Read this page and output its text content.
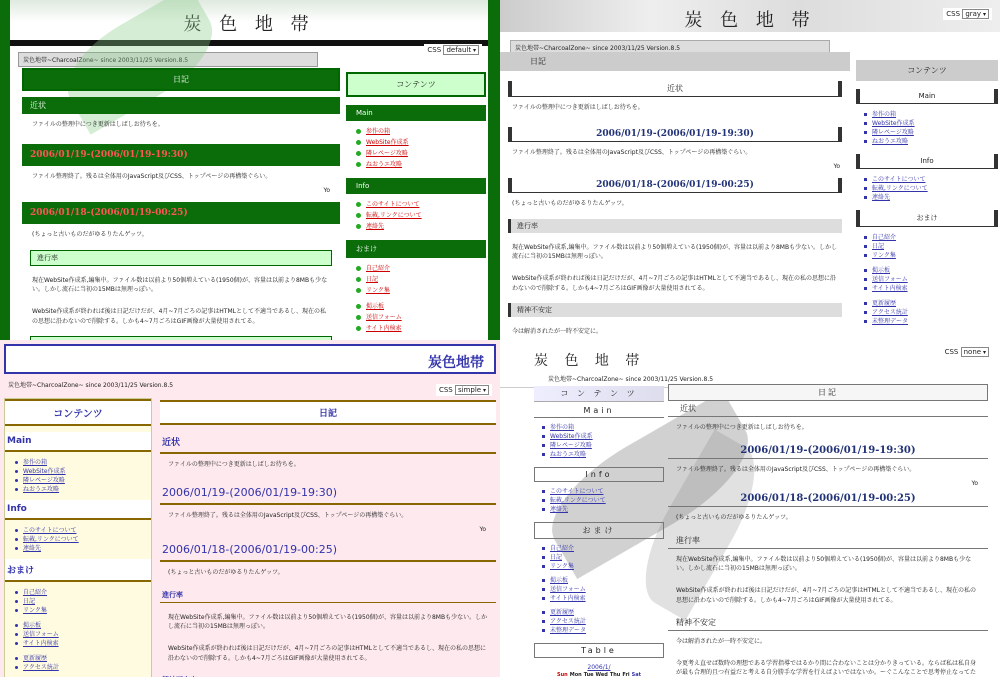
炭 色 地 帯
CSS default ▾
炭色地帯~CharcoalZone~ since 2003/11/25 Version.8.5
日記
近状
ファイルの整理中につき更新はしばしお待ちを。
2006/01/19-(2006/01/19-19:30)
ファイル整理終了。残るは全体用のJavaScript及びCSS、トップページの再構築ぐらい。
Yo
2006/01/18-(2006/01/19-00:25)
(ちょっと古いものだがゆるりたんゲッツ。
進行率
現在WebSite作成系,編集中。ファイル数は以前より50個増えている(1950個)が、容量は以前より8MBも少ない。しかし流石に当初の15MBは無理っぽい。
WebSite作成系が終われば後は日記だけだが、4月~7月ごろの記事はHTMLとして不適当であるし、現在の私の思想に沿わないので削除する。しかも4~7月ごろはGIF画像が大量使用されてる。
コンテンツ
Main
参作の箱
WebSite作成系
隣レページ攻略
ねおうエ攻略
Info
このサイトについて
転載,リンクについて
連絡先
おまけ
自己紹介
日記
リンク集
掲示板
送信フォーム
サイト内検索
炭 色 地 帯	CSS gray ▾
炭色地帯~CharcoalZone~ since 2003/11/25 Version.8.5
日記
近状
ファイルの整理中につき更新はしばしお待ちを。
2006/01/19-(2006/01/19-19:30)
ファイル整理終了。残るは全体用のJavaScript及びCSS、トップページの再構築ぐらい。
Yo
2006/01/18-(2006/01/19-00:25)
(ちょっと古いものだがゆるりたんゲッツ。
進行率
現在WebSite作成系,編集中。ファイル数は以前より50個増えている(1950個)が、容量は以前より8MBも少ない。しかし流石に当初の15MBは無理っぽい。
WebSite作成系が終われば後は日記だけだが、4月~7月ごろの記事はHTMLとして不適当であるし、現在の私の思想に沿わないので削除する。しかも4~7月ごろはGIF画像が大量使用されてる。
精神不安定
今は解消されたが一時不安定に。
コンテンツ
Main
参作の箱
WebSite作成系
隣レページ攻略
ねおうエ攻略
Info
このサイトについて
転載,リンクについて
連絡先
おまけ
自己紹介
日記
リンク集
掲示板
送信フォーム
サイト内検索
更新履歴
アクセス統計
未整理データ
炭色地帯
炭色地帯~CharcoalZone~ since 2003/11/25 Version.8.5
CSS simple ▾
コンテンツ
Main
参作の箱
WebSite作成系
隣レページ攻略
ねおうエ攻略
Info
このサイトについて
転載,リンクについて
連絡先
おまけ
自己紹介
日記
リンク集
掲示板
送信フォーム
サイト内検索
更新履歴
アクセス統計
日記
近状
ファイルの整理中につき更新はしばしお待ちを。
2006/01/19-(2006/01/19-19:30)
ファイル整理終了。残るは全体用のJavaScript及びCSS、トップページの再構築ぐらい。
Yo
2006/01/18-(2006/01/19-00:25)
(ちょっと古いものだがゆるりたんゲッツ。
進行率
現在WebSite作成系,編集中。ファイル数は以前より50個増えている(1950個)が、容量は以前より8MBも少ない。しかし流石に当初の15MBは無理っぽい。
WebSite作成系が終われば後は日記だけだが、4月~7月ごろの記事はHTMLとして不適当であるし、現在の私の思想に沿わないので削除する。しかも4~7月ごろはGIF画像が大量使用されてる。
炭 色 地 帯
CSS none ▾
炭色地帯~CharcoalZone~ since 2003/11/25 Version.8.5
コ ン テ ン ツ
Main
参作の箱
WebSite作成系
隣レページ攻略
ねおうエ攻略
Info
このサイトについて
転載,リンクについて
連絡先
おまけ
自己紹介
日記
リンク集
掲示板
送信フォーム
サイト内検索
更新履歴
アクセス統計
未整理データ
Table
2006/1/
Sun Mon Tue Wed Thu Fri Sat
日記
近状
ファイルの整理中につき更新はしばしお待ちを。
2006/01/19-(2006/01/19-19:30)
ファイル整理終了。残るは全体用のJavaScript及びCSS、トップページの再構築ぐらい。
Yo
2006/01/18-(2006/01/19-00:25)
(ちょっと古いものだがゆるりたんゲッツ。
進行率
現在WebSite作成系,編集中。ファイル数は以前より50個増えている(1950個)が、容量は以前より8MBも少ない。しかし流石に当初の15MBは無理っぽい。
WebSite作成系が終われば後は日記だけだが、4月~7月ごろの記事はHTMLとして不適当であるし、現在の私の思想に沿わないので削除する。しかも4~7月ごろはGIF画像が大量使用されてる。
精神不安定
今は解消されたが一時不安定に。
今更考え直せば数時の理想である学習指導ではるかり間に合わないことは分かりきっている。ならば私は私自身が最も合理的且つ有益だと考える自分勝手な学習を行えばよいではないか。ーぐこんなことで思考停止なってた
